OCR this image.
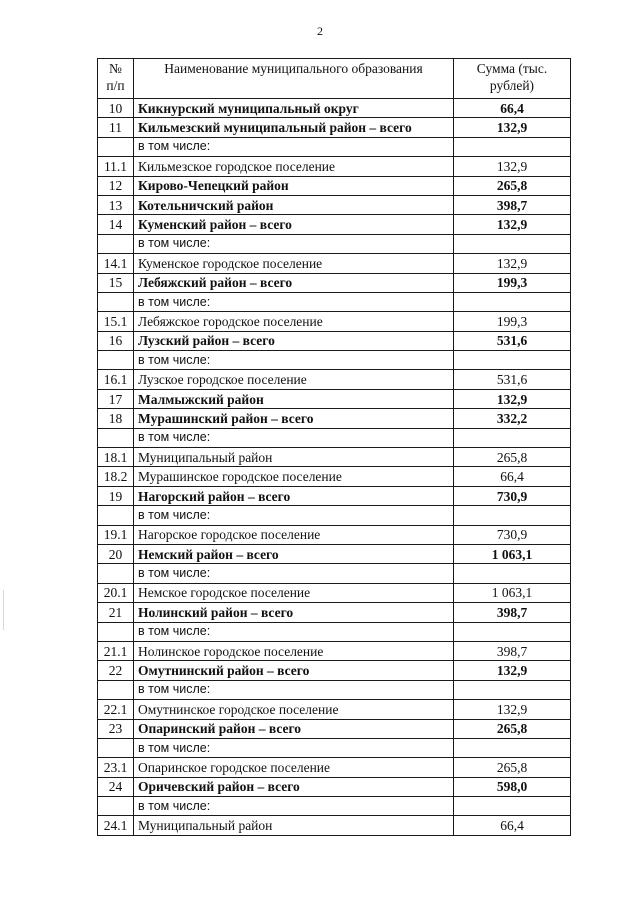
2
№ п/п	Наименование муниципального образования	Сумма (тыс. рублей)
10	Кикнурский муниципальный округ	66,4
11	Кильмезский муниципальный район – всего	132,9
	в том числе:	
11.1	Кильмезское городское поселение	132,9
12	Кирово-Чепецкий район	265,8
13	Котельничский район	398,7
14	Куменский район – всего	132,9
	в том числе:	
14.1	Куменское городское поселение	132,9
15	Лебяжский район – всего	199,3
	в том числе:	
15.1	Лебяжское городское поселение	199,3
16	Лузский район – всего	531,6
	в том числе:	
16.1	Лузское городское поселение	531,6
17	Малмыжский район	132,9
18	Мурашинский район – всего	332,2
	в том числе:	
18.1	Муниципальный район	265,8
18.2	Мурашинское городское поселение	66,4
19	Нагорский район – всего	730,9
	в том числе:	
19.1	Нагорское городское поселение	730,9
20	Немский район – всего	1 063,1
	в том числе:	
20.1	Немское городское поселение	1 063,1
21	Нолинский район – всего	398,7
	в том числе:	
21.1	Нолинское городское поселение	398,7
22	Омутнинский район – всего	132,9
	в том числе:	
22.1	Омутнинское городское поселение	132,9
23	Опаринский район – всего	265,8
	в том числе:	
23.1	Опаринское городское поселение	265,8
24	Оричевский район – всего	598,0
	в том числе:	
24.1	Муниципальный район	66,4
